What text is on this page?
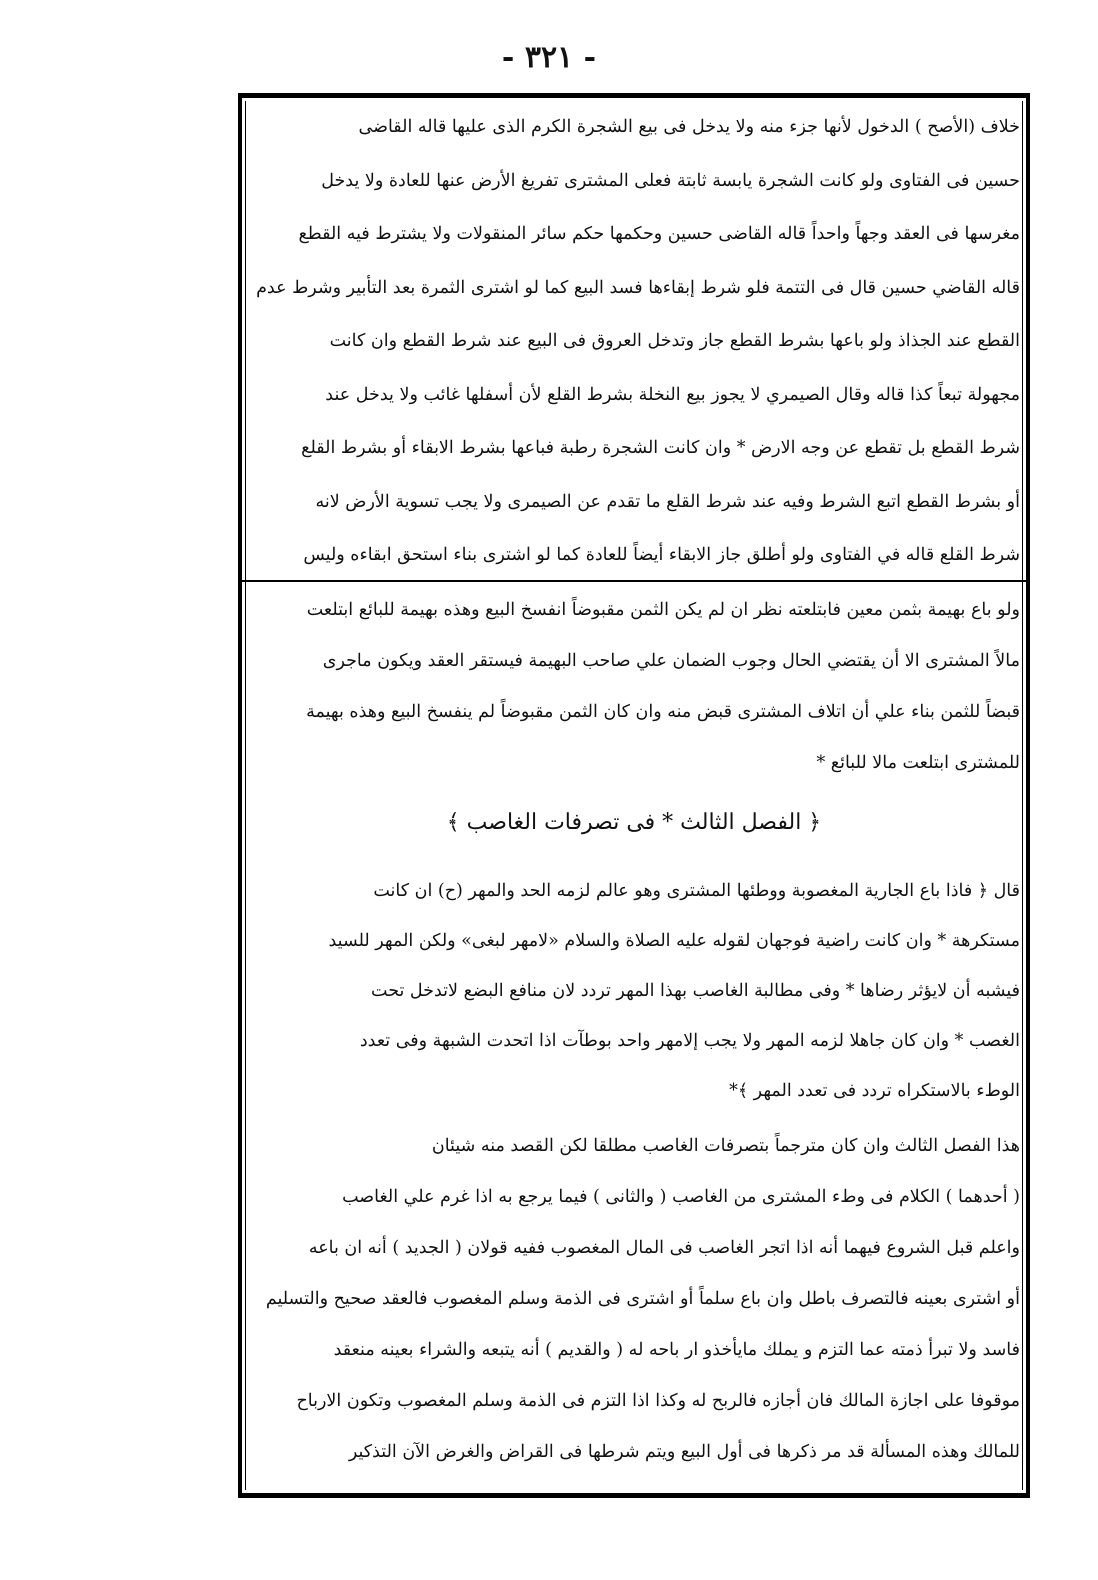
- ٣٢١ -
خلاف (الأصح ) الدخول لأنها جزء منه ولا يدخل فى بيع الشجرة الكرم الذى عليها قاله القاضى
حسين فى الفتاوى ولو كانت الشجرة يابسة ثابتة فعلى المشترى تفريغ الأرض عنها للعادة ولا يدخل
مغرسها فى العقد وجهاً واحداً قاله القاضى حسين وحكمها حكم سائر المنقولات ولا يشترط فيه القطع
قاله القاضي حسين قال فى التتمة فلو شرط إبقاءها فسد البيع كما لو اشترى الثمرة بعد التأبير وشرط عدم
القطع عند الجذاذ ولو باعها بشرط القطع جاز وتدخل العروق فى البيع عند شرط القطع وان كانت
مجهولة تبعاً كذا قاله وقال الصيمري لا يجوز بيع النخلة بشرط القلع لأن أسفلها غائب ولا يدخل عند
شرط القطع بل تقطع عن وجه الارض * وان كانت الشجرة رطبة فباعها بشرط الابقاء أو بشرط القلع
أو بشرط القطع اتبع الشرط وفيه عند شرط القلع ما تقدم عن الصيمرى ولا يجب تسوية الأرض لانه
شرط القلع قاله في الفتاوى ولو أطلق جاز الابقاء أيضاً للعادة كما لو اشترى بناء استحق ابقاءه وليس
ولو باع بهيمة بثمن معين فابتلعته نظر ان لم يكن الثمن مقبوضاً انفسخ البيع وهذه بهيمة للبائع ابتلعت
مالاً المشترى الا أن يقتضي الحال وجوب الضمان علي صاحب البهيمة فيستقر العقد ويكون ماجرى
قبضاً للثمن بناء علي أن اتلاف المشترى قبض منه وان كان الثمن مقبوضاً لم ينفسخ البيع وهذه بهيمة
للمشترى ابتلعت مالا للبائع *
﴿ الفصل الثالث * فى تصرفات الغاصب ﴾
قال ﴿ فاذا باع الجارية المغصوبة ووطئها المشترى وهو عالم لزمه الحد والمهر (ح) ان كانت
مستكرهة * وان كانت راضية فوجهان لقوله عليه الصلاة والسلام «لامهر لبغى» ولكن المهر للسيد
فيشبه أن لايؤثر رضاها * وفى مطالبة الغاصب بهذا المهر تردد لان منافع البضع لاتدخل تحت
الغصب * وان كان جاهلا لزمه المهر ولا يجب إلامهر واحد بوطآت اذا اتحدت الشبهة وفى تعدد
الوطء بالاستكراه تردد فى تعدد المهر ﴾*
هذا الفصل الثالث وان كان مترجماً بتصرفات الغاصب مطلقا لكن القصد منه شيئان
( أحدهما ) الكلام فى وطء المشترى من الغاصب ( والثانى ) فيما يرجع به اذا غرم علي الغاصب
واعلم قبل الشروع فيهما أنه اذا اتجر الغاصب فى المال المغصوب ففيه قولان ( الجديد ) أنه ان باعه
أو اشترى بعينه فالتصرف باطل وان باع سلماً أو اشترى فى الذمة وسلم المغصوب فالعقد صحيح والتسليم
فاسد ولا تبرأ ذمته عما التزم و يملك مايأخذو ار باحه له ( والقديم ) أنه يتبعه والشراء بعينه منعقد
موقوفا على اجازة المالك فان أجازه فالربح له وكذا اذا التزم فى الذمة وسلم المغصوب وتكون الارباح
للمالك وهذه المسألة قد مر ذكرها فى أول البيع ويتم شرطها فى القراض والغرض الآن التذكير
